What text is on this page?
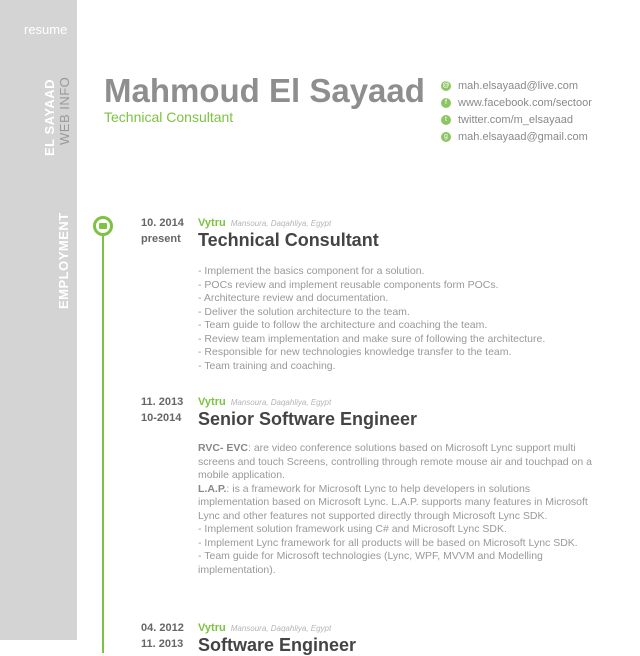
resume
EL SAYAAD WEB INFO
EMPLOYMENT
Mahmoud El Sayaad
Technical Consultant
@ mah.elsayaad@live.com
f	www.facebook.com/sectoor
t	twitter.com/m_elsayaad
g mah.elsayaad@gmail.com
10. 2014
present
Vytru Mansoura, Daqahliya, Egypt
Technical Consultant
- Implement the basics component for a solution.
- POCs review and implement reusable components form POCs.
- Architecture review and documentation.
- Deliver the solution architecture to the team.
- Team guide to follow the architecture and coaching the team.
- Review team implementation and make sure of following the architecture.
- Responsible for new technologies knowledge transfer to the team.
- Team training and coaching.
11. 2013
10-2014
Vytru Mansoura, Daqahliya, Egypt
Senior Software Engineer
RVC- EVC: are video conference solutions based on Microsoft Lync support multi screens and touch Screens, controlling through remote mouse air and touchpad on a mobile application.
L.A.P.: is a framework for Microsoft Lync to help developers in solutions implementation based on Microsoft Lync. L.A.P. supports many features in Microsoft Lync and other features not supported directly through Microsoft Lync SDK.
- Implement solution framework using C# and Microsoft Lync SDK.
- Implement Lync framework for all products will be based on Microsoft Lync SDK.
- Team guide for Microsoft technologies (Lync, WPF, MVVM and Modelling implementation).
04. 2012
11. 2013
Vytru Mansoura, Daqahliya, Egypt
Software Engineer
